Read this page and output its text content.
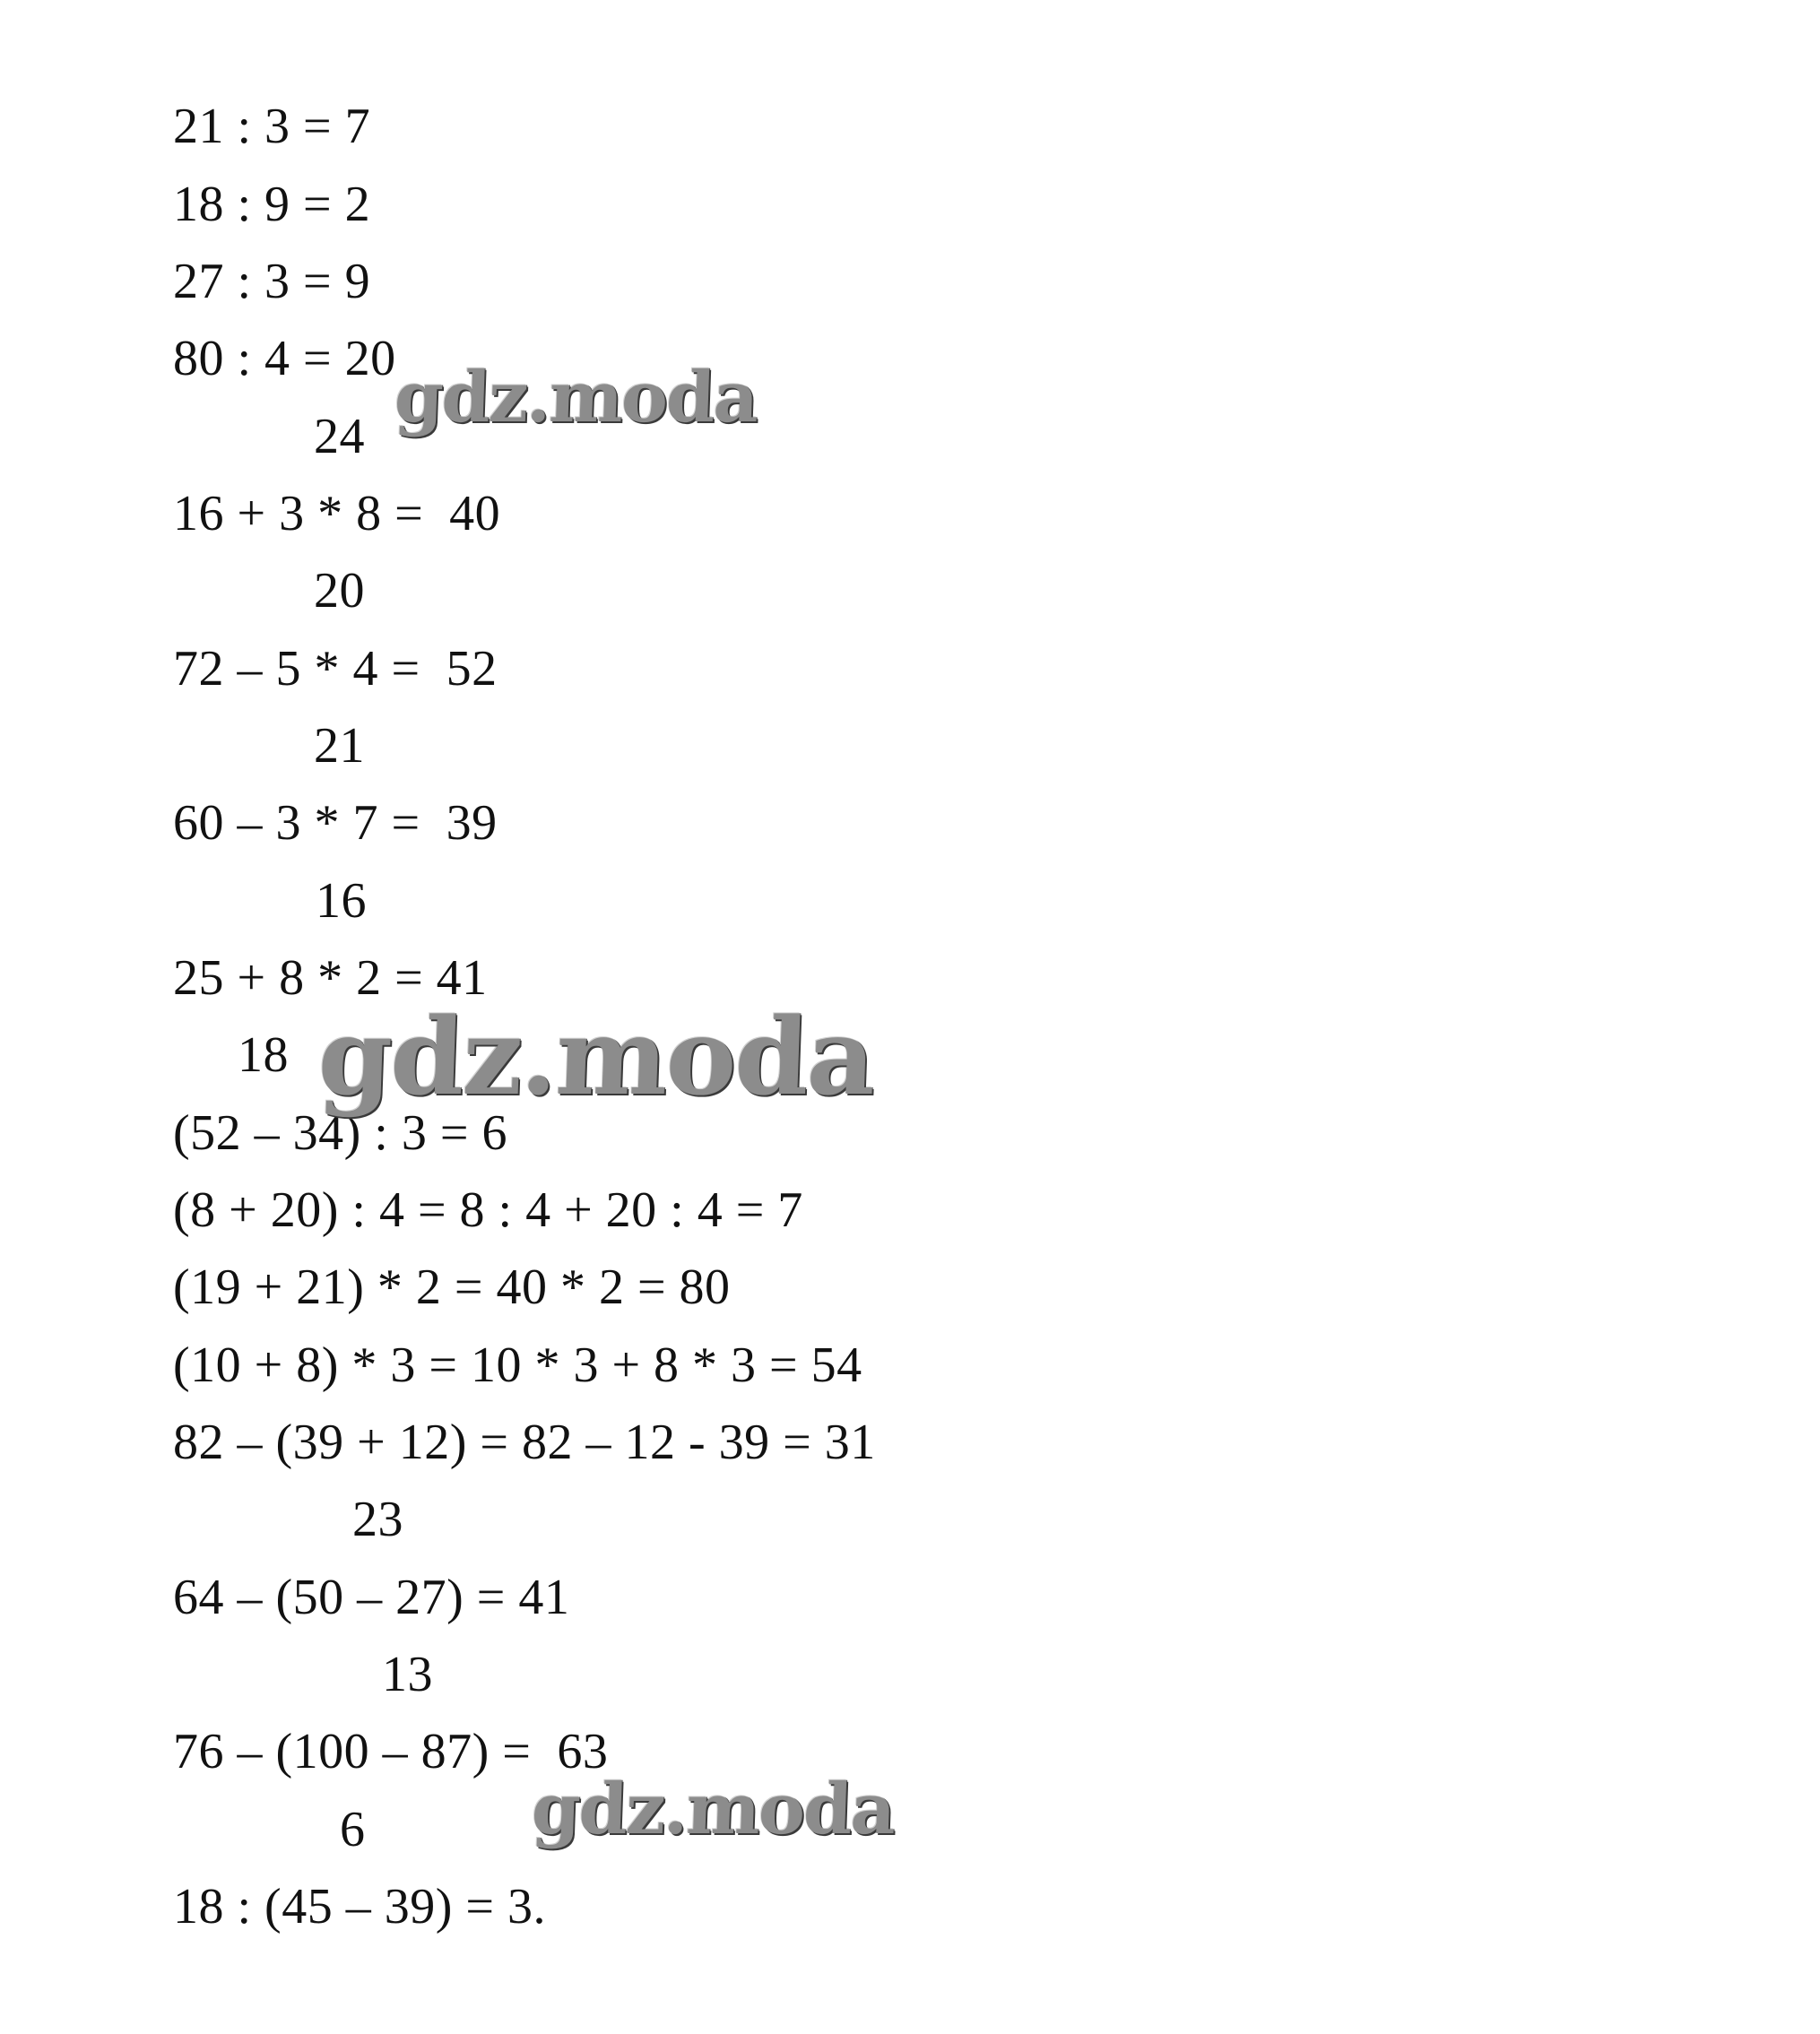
21 : 3 = 7
18 : 9 = 2
27 : 3 = 9
80 : 4 = 20
24
16 + 3 * 8 =  40
20
72 – 5 * 4 =  52
21
60 – 3 * 7 =  39
16
25 + 8 * 2 = 41
18
(52 – 34) : 3 = 6
(8 + 20) : 4 = 8 : 4 + 20 : 4 = 7
(19 + 21) * 2 = 40 * 2 = 80
(10 + 8) * 3 = 10 * 3 + 8 * 3 = 54
82 – (39 + 12) = 82 – 12 - 39 = 31
23
64 – (50 – 27) = 41
13
76 – (100 – 87) =  63
6
18 : (45 – 39) = 3.
gdz.moda
gdz.moda
gdz.moda
